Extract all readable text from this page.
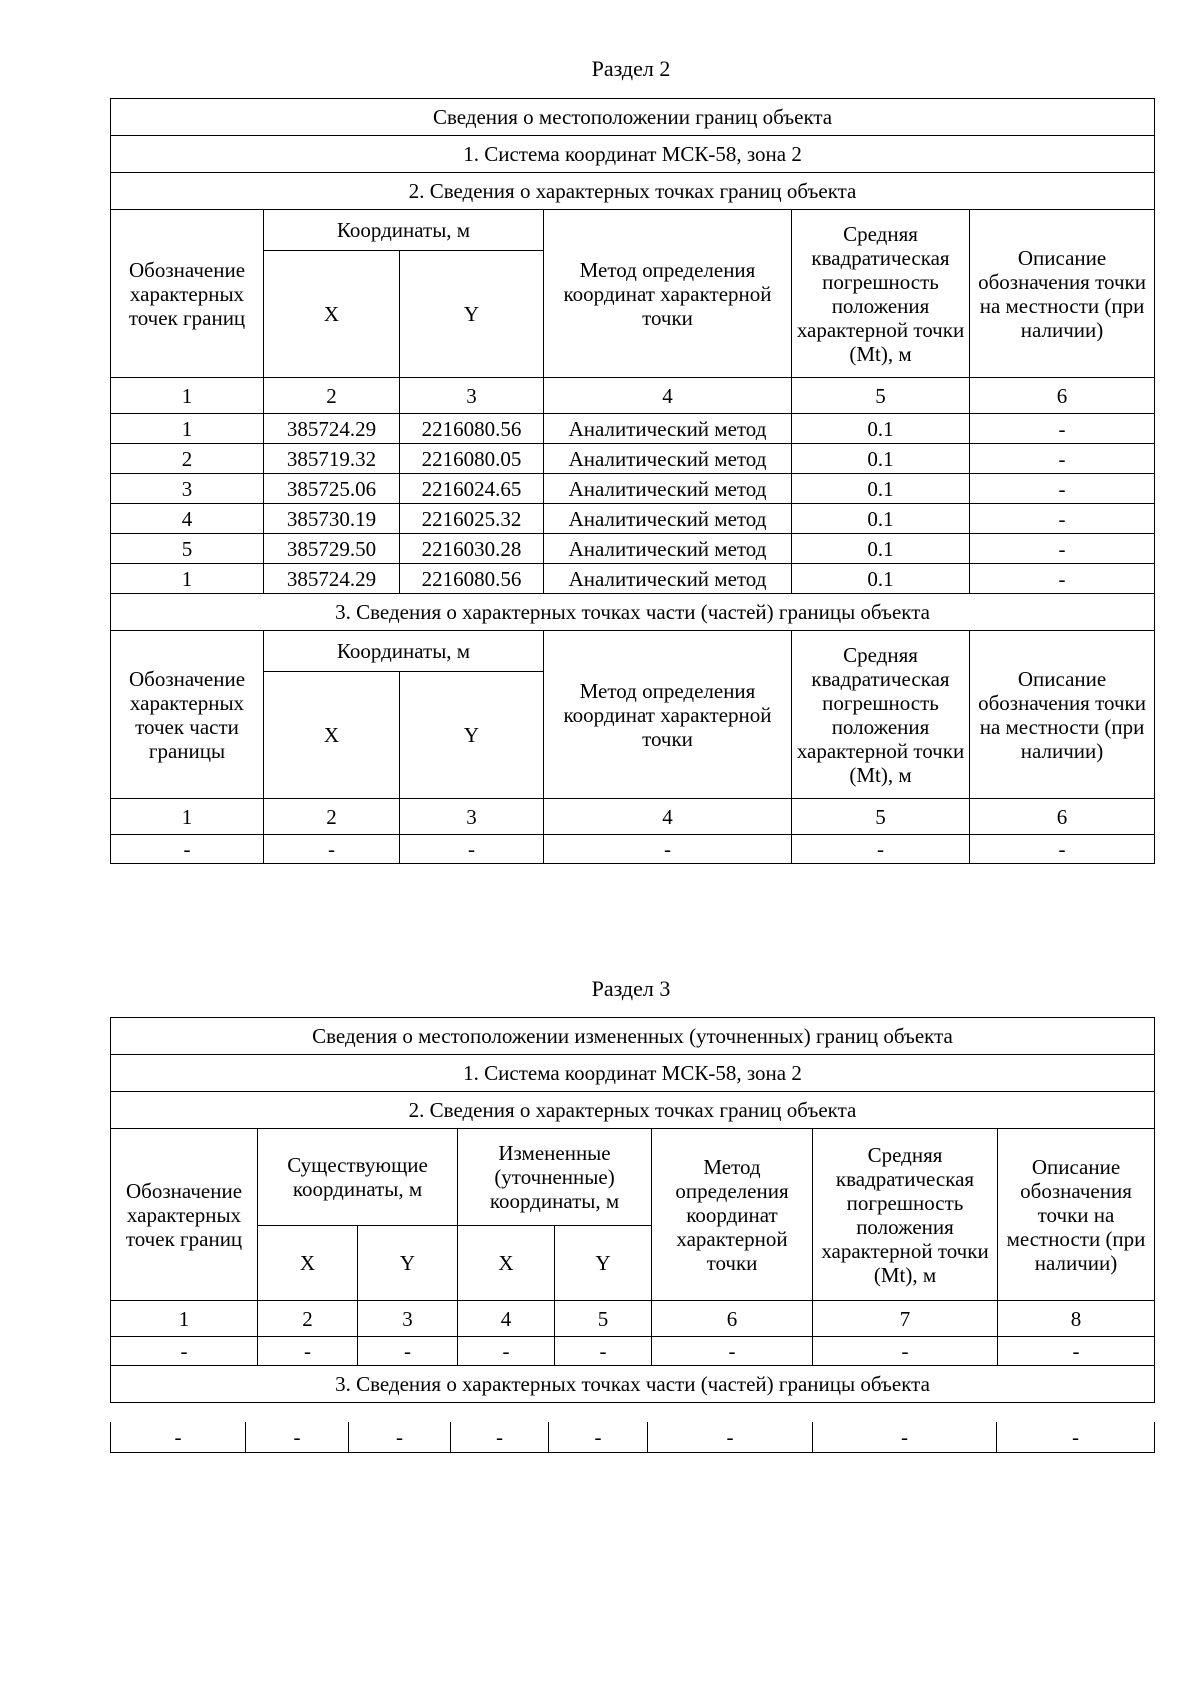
Раздел 2
Сведения о местоположении границ объекта					
1. Система координат МСК-58, зона 2					
2. Сведения о характерных точках границ объекта					
Обозначение характерных точек границ	Координаты, м		Метод определения координат характерной точки	Средняя квадратическая погрешность положения характерной точки (Mt), м	Описание обозначения точки на местности (при наличии)
	X	Y			
1	2	3	4	5	6
1	385724.29	2216080.56	Аналитический метод	0.1	-
2	385719.32	2216080.05	Аналитический метод	0.1	-
3	385725.06	2216024.65	Аналитический метод	0.1	-
4	385730.19	2216025.32	Аналитический метод	0.1	-
5	385729.50	2216030.28	Аналитический метод	0.1	-
1	385724.29	2216080.56	Аналитический метод	0.1	-
3. Сведения о характерных точках части (частей) границы объекта					
Обозначение характерных точек части границы	Координаты, м		Метод определения координат характерной точки	Средняя квадратическая погрешность положения характерной точки (Mt), м	Описание обозначения точки на местности (при наличии)
	X	Y			
1	2	3	4	5	6
-	-	-	-	-	-
Раздел 3
Сведения о местоположении измененных (уточненных) границ объекта							
1. Система координат МСК-58, зона 2							
2. Сведения о характерных точках границ объекта							
Обозначение характерных точек границ	Существующие координаты, м		Измененные (уточненные) координаты, м		Метод определения координат характерной точки	Средняя квадратическая погрешность положения характерной точки (Mt), м	Описание обозначения точки на местности (при наличии)
	X	Y	X	Y			
1	2	3	4	5	6	7	8
-	-	-	-	-	-	-	-
3. Сведения о характерных точках части (частей) границы объекта							
-	-	-	-	-	-	-	-
